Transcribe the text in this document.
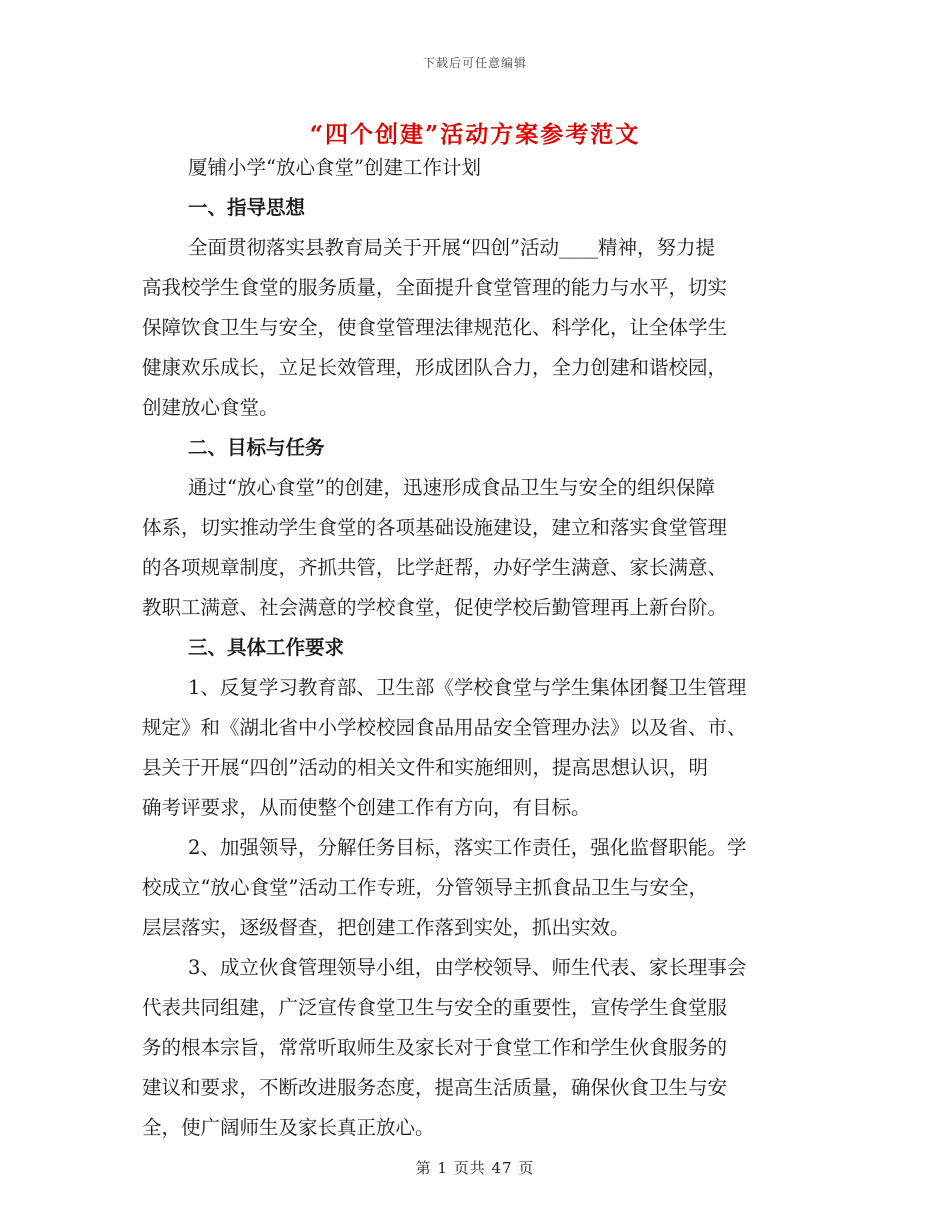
下载后可任意编辑
“四个创建”活动方案参考范文
厦铺小学“放心食堂”创建工作计划
一、指导思想
全面贯彻落实县教育局关于开展“四创”活动____精神，努力提
高我校学生食堂的服务质量，全面提升食堂管理的能力与水平，切实
保障饮食卫生与安全，使食堂管理法律规范化、科学化，让全体学生
健康欢乐成长，立足长效管理，形成团队合力，全力创建和谐校园，
创建放心食堂。
二、目标与任务
通过“放心食堂”的创建，迅速形成食品卫生与安全的组织保障
体系，切实推动学生食堂的各项基础设施建设，建立和落实食堂管理
的各项规章制度，齐抓共管，比学赶帮，办好学生满意、家长满意、
教职工满意、社会满意的学校食堂，促使学校后勤管理再上新台阶。
三、具体工作要求
1、反复学习教育部、卫生部《学校食堂与学生集体团餐卫生管理
规定》和《湖北省中小学校校园食品用品安全管理办法》以及省、市、
县关于开展“四创”活动的相关文件和实施细则，提高思想认识，明
确考评要求，从而使整个创建工作有方向，有目标。
2、加强领导，分解任务目标，落实工作责任，强化监督职能。学
校成立“放心食堂”活动工作专班，分管领导主抓食品卫生与安全，
层层落实，逐级督查，把创建工作落到实处，抓出实效。
3、成立伙食管理领导小组，由学校领导、师生代表、家长理事会
代表共同组建，广泛宣传食堂卫生与安全的重要性，宣传学生食堂服
务的根本宗旨，常常听取师生及家长对于食堂工作和学生伙食服务的
建议和要求，不断改进服务态度，提高生活质量，确保伙食卫生与安
全，使广阔师生及家长真正放心。
第 1 页共 47 页
